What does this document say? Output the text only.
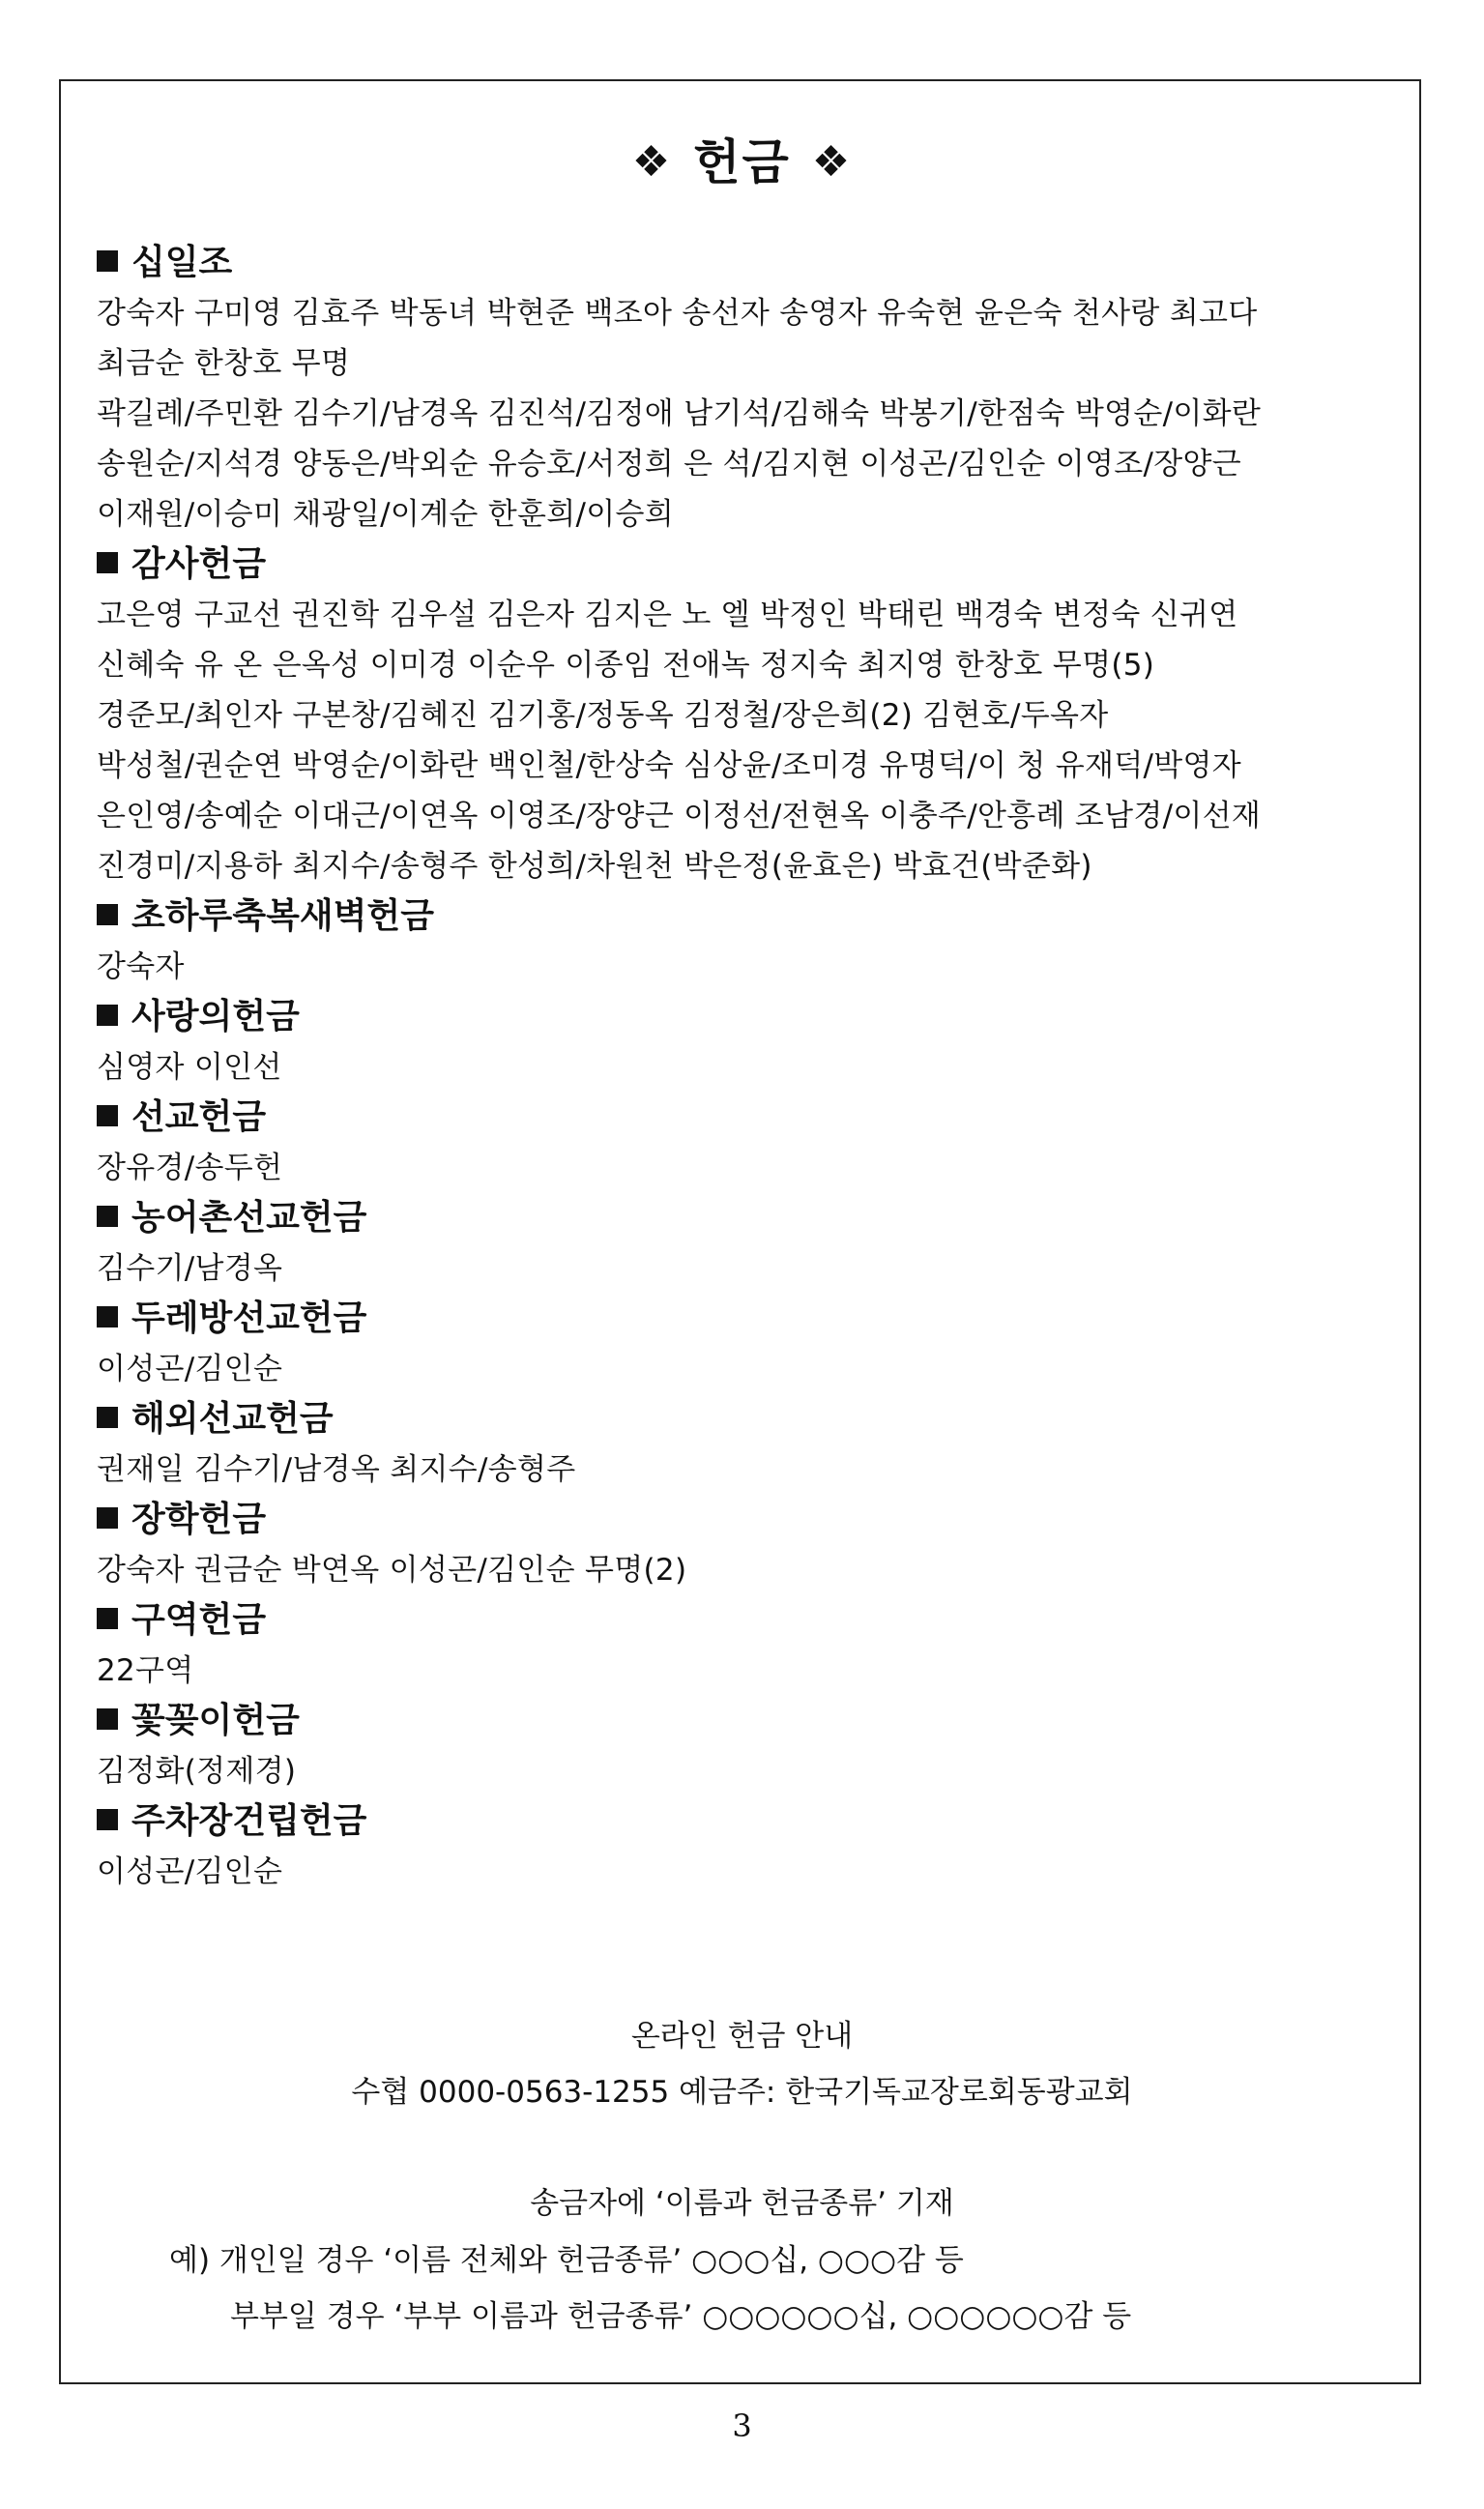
❖ 헌금 ❖
십일조
강숙자 구미영 김효주 박동녀 박현준 백조아 송선자 송영자 유숙현 윤은숙 천사랑 최고다
최금순 한창호 무명
곽길례/주민환 김수기/남경옥 김진석/김정애 남기석/김해숙 박봉기/한점숙 박영순/이화란
송원순/지석경 양동은/박외순 유승호/서정희 은 석/김지현 이성곤/김인순 이영조/장양근
이재원/이승미 채광일/이계순 한훈희/이승희
감사헌금
고은영 구교선 권진학 김우설 김은자 김지은 노 엘 박정인 박태린 백경숙 변정숙 신귀연
신혜숙 유 온 은옥성 이미경 이순우 이종임 전애녹 정지숙 최지영 한창호 무명(5)
경준모/최인자 구본창/김혜진 김기홍/정동옥 김정철/장은희(2) 김현호/두옥자
박성철/권순연 박영순/이화란 백인철/한상숙 심상윤/조미경 유명덕/이 청 유재덕/박영자
은인영/송예순 이대근/이연옥 이영조/장양근 이정선/전현옥 이충주/안흥례 조남경/이선재
진경미/지용하 최지수/송형주 한성희/차원천 박은정(윤효은) 박효건(박준화)
초하루축복새벽헌금
강숙자
사랑의헌금
심영자 이인선
선교헌금
장유경/송두헌
농어촌선교헌금
김수기/남경옥
두레방선교헌금
이성곤/김인순
해외선교헌금
권재일 김수기/남경옥 최지수/송형주
장학헌금
강숙자 권금순 박연옥 이성곤/김인순 무명(2)
구역헌금
22구역
꽃꽂이헌금
김정화(정제경)
주차장건립헌금
이성곤/김인순
온라인 헌금 안내
수협 0000-0563-1255 예금주: 한국기독교장로회동광교회
송금자에 ‘이름과 헌금종류’ 기재
예) 개인일 경우 ‘이름 전체와 헌금종류’ ○○○십, ○○○감 등
부부일 경우 ‘부부 이름과 헌금종류’ ○○○○○○십, ○○○○○○감 등
3
